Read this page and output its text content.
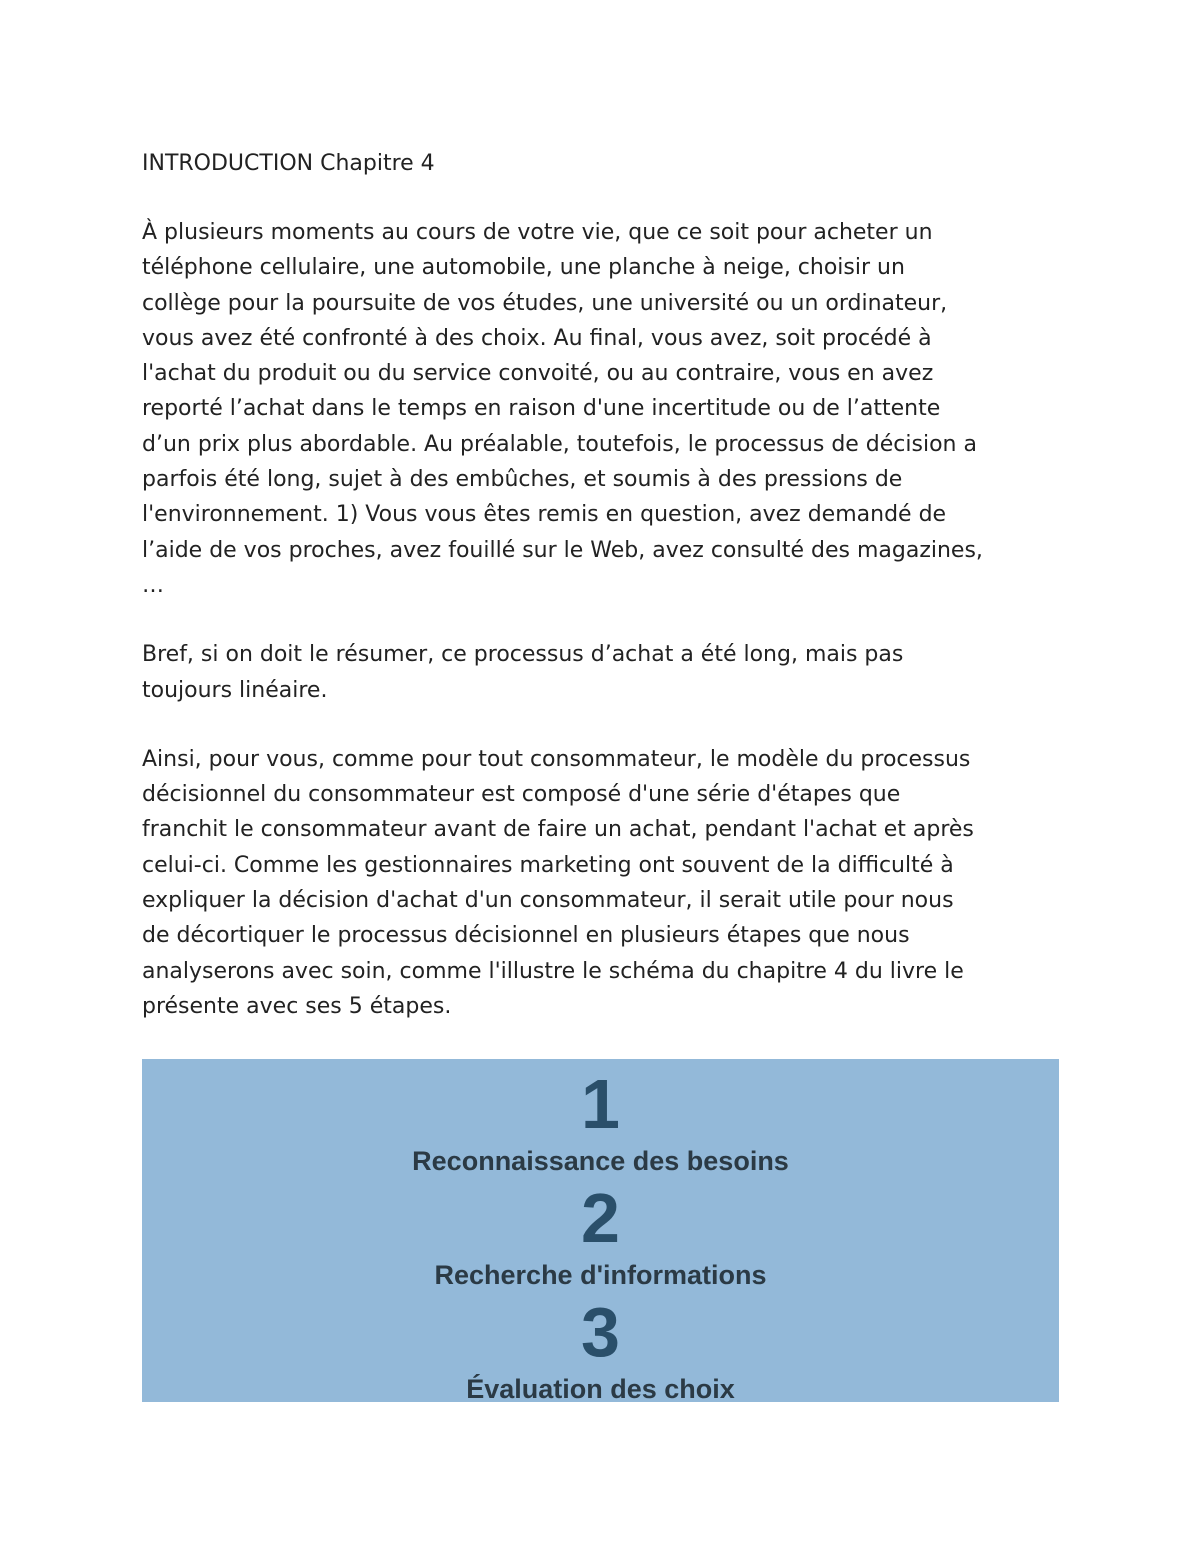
INTRODUCTION Chapitre 4
À plusieurs moments au cours de votre vie, que ce soit pour acheter un
téléphone cellulaire, une automobile, une planche à neige, choisir un
collège pour la poursuite de vos études, une université ou un ordinateur,
vous avez été confronté à des choix. Au final, vous avez, soit procédé à
l'achat du produit ou du service convoité, ou au contraire, vous en avez
reporté l’achat dans le temps en raison d'une incertitude ou de l’attente
d’un prix plus abordable. Au préalable, toutefois, le processus de décision a
parfois été long, sujet à des embûches, et soumis à des pressions de
l'environnement. 1) Vous vous êtes remis en question, avez demandé de
l’aide de vos proches, avez fouillé sur le Web, avez consulté des magazines,
…
Bref, si on doit le résumer, ce processus d’achat a été long, mais pas
toujours linéaire.
Ainsi, pour vous, comme pour tout consommateur, le modèle du processus
décisionnel du consommateur est composé d'une série d'étapes que
franchit le consommateur avant de faire un achat, pendant l'achat et après
celui-ci. Comme les gestionnaires marketing ont souvent de la difficulté à
expliquer la décision d'achat d'un consommateur, il serait utile pour nous
de décortiquer le processus décisionnel en plusieurs étapes que nous
analyserons avec soin, comme l'illustre le schéma du chapitre 4 du livre le
présente avec ses 5 étapes.
1
Reconnaissance des besoins
2
Recherche d'informations
3
Évaluation des choix
